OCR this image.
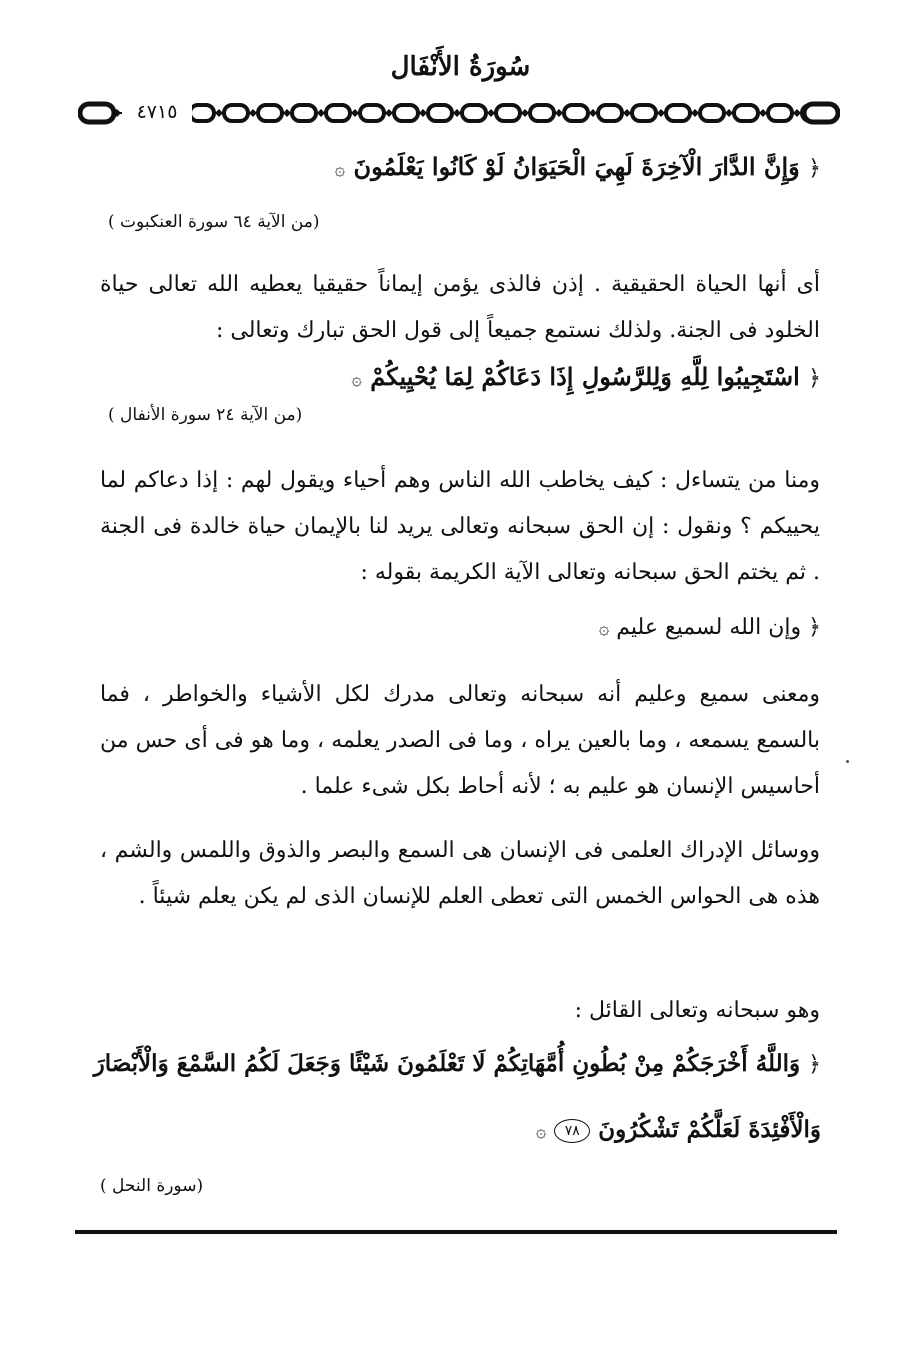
سُورَةُ الأَنْفَال
٤٧١٥
﴿ وَإِنَّ الدَّارَ الْآخِرَةَ لَهِيَ الْحَيَوَانُ لَوْ كَانُوا يَعْلَمُونَ ۞
(من الآية ٦٤ سورة العنكبوت )
أى أنها الحياة الحقيقية . إذن فالذى يؤمن إيماناً حقيقيا يعطيه الله تعالى حياة الخلود فى الجنة. ولذلك نستمع جميعاً إلى قول الحق تبارك وتعالى :
﴿ اسْتَجِيبُوا لِلَّهِ وَلِلرَّسُولِ إِذَا دَعَاكُمْ لِمَا يُحْيِيكُمْ ۞
(من الآية ٢٤ سورة الأنفال )
ومنا من يتساءل : كيف يخاطب الله الناس وهم أحياء ويقول لهم : إذا دعاكم لما يحييكم ؟ ونقول : إن الحق سبحانه وتعالى يريد لنا بالإيمان حياة خالدة فى الجنة . ثم يختم الحق سبحانه وتعالى الآية الكريمة بقوله :
﴿ وإن الله لسميع عليم ۞
ومعنى سميع وعليم أنه سبحانه وتعالى مدرك لكل الأشياء والخواطر ، فما بالسمع يسمعه ، وما بالعين يراه ، وما فى الصدر يعلمه ، وما هو فى أى حس من أحاسيس الإنسان هو عليم به ؛ لأنه أحاط بكل شىء علما .
ووسائل الإدراك العلمى فى الإنسان هى السمع والبصر والذوق واللمس والشم ، هذه هى الحواس الخمس التى تعطى العلم للإنسان الذى لم يكن يعلم شيئاً .
وهو سبحانه وتعالى القائل :
﴿ وَاللَّهُ أَخْرَجَكُمْ مِنْ بُطُونِ أُمَّهَاتِكُمْ لَا تَعْلَمُونَ شَيْئًا وَجَعَلَ لَكُمُ السَّمْعَ وَالْأَبْصَارَ
وَالْأَفْئِدَةَ لَعَلَّكُمْ تَشْكُرُونَ ٧٨ ۞
(سورة النحل )
